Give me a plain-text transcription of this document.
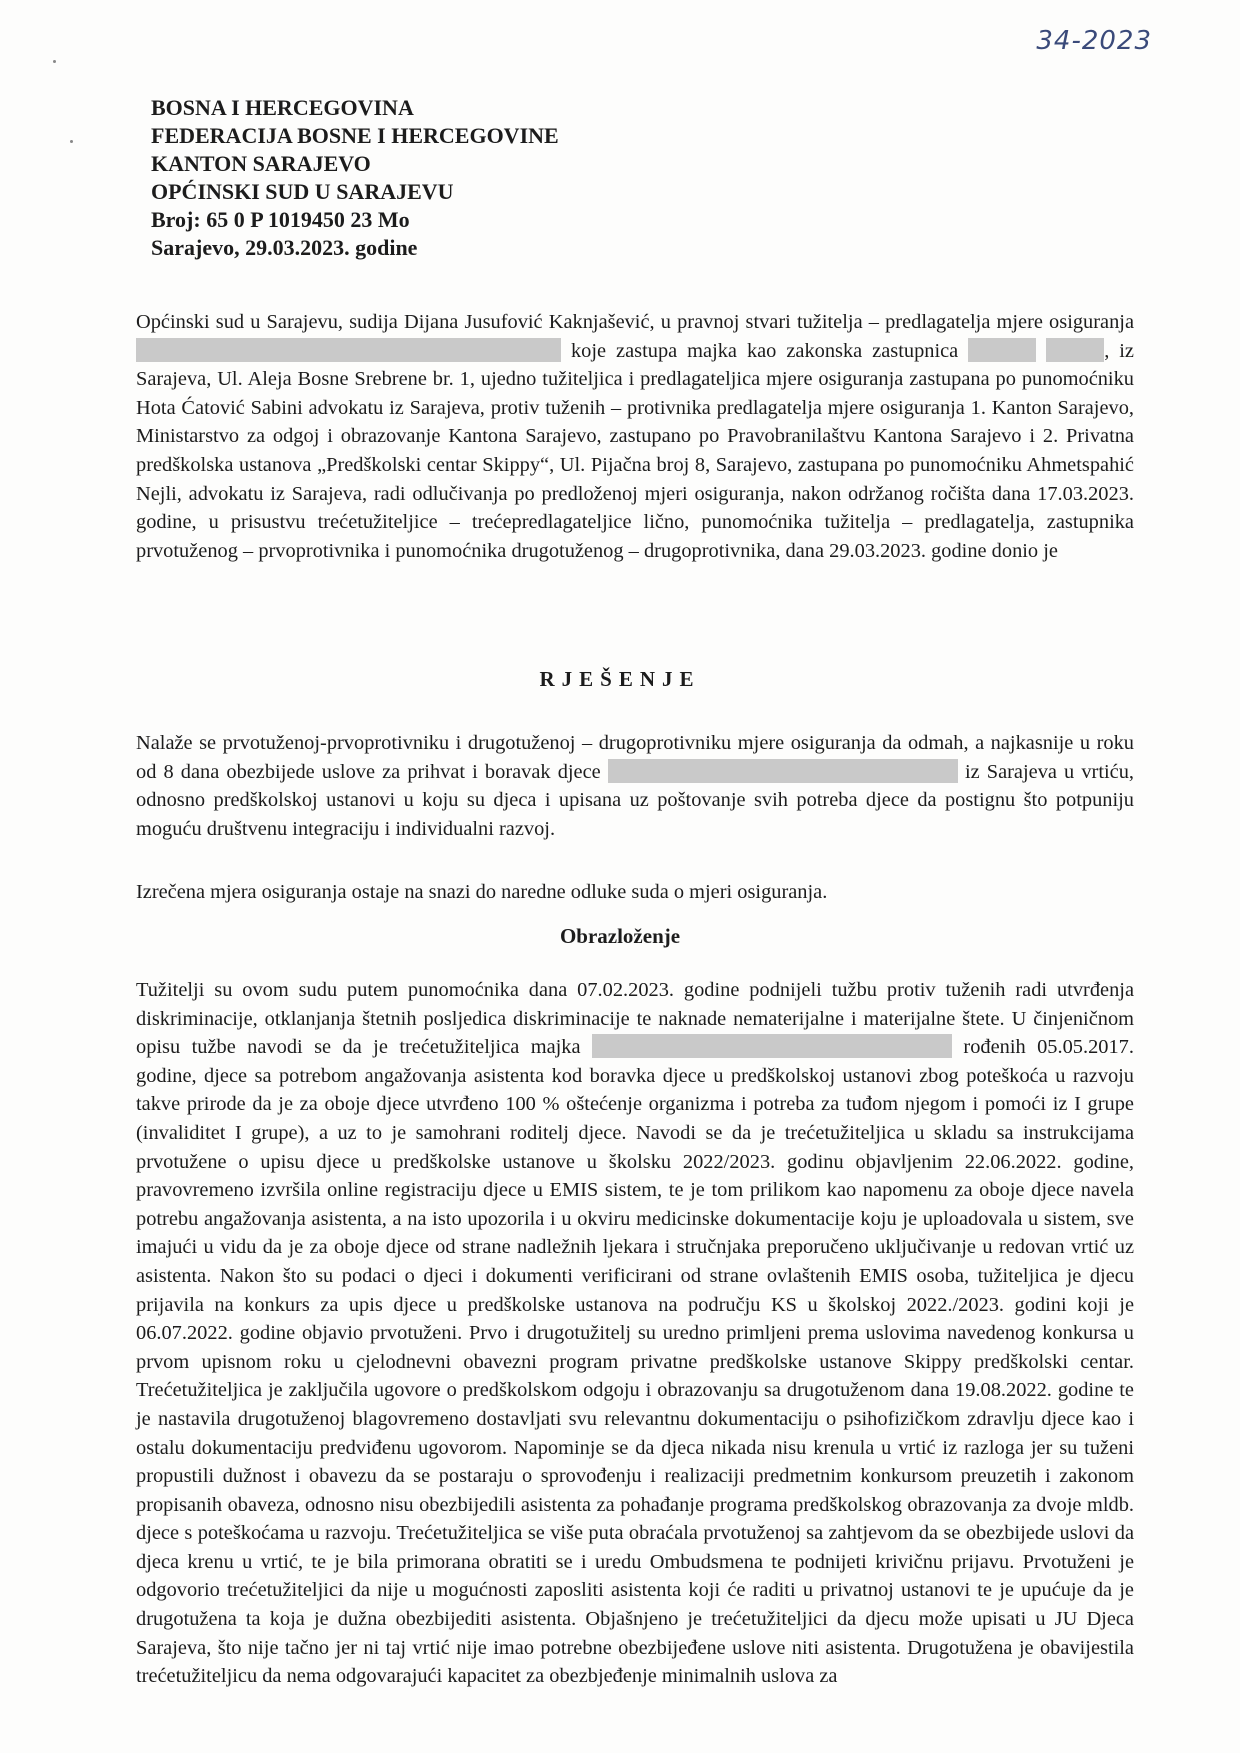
34-2023
BOSNA I HERCEGOVINA
FEDERACIJA BOSNE I HERCEGOVINE
KANTON SARAJEVO
OPĆINSKI SUD U SARAJEVU
Broj: 65 0 P 1019450 23 Mo
Sarajevo, 29.03.2023. godine
Općinski sud u Sarajevu, sudija Dijana Jusufović Kaknjašević, u pravnoj stvari tužitelja – predlagatelja mjere osiguranja  koje zastupa majka kao zakonska zastupnica	, iz Sarajeva, Ul. Aleja Bosne Srebrene br. 1, ujedno tužiteljica i predlagateljica mjere osiguranja zastupana po punomoćniku Hota Ćatović Sabini advokatu iz Sarajeva, protiv tuženih – protivnika predlagatelja mjere osiguranja 1. Kanton Sarajevo, Ministarstvo za odgoj i obrazovanje Kantona Sarajevo, zastupano po Pravobranilaštvu Kantona Sarajevo i 2. Privatna predškolska ustanova „Predškolski centar Skippy“, Ul. Pijačna broj 8, Sarajevo, zastupana po punomoćniku Ahmetspahić Nejli, advokatu iz Sarajeva, radi odlučivanja po predloženoj mjeri osiguranja, nakon održanog ročišta dana 17.03.2023. godine, u prisustvu trećetužiteljice – trećepredlagateljice lično, punomoćnika tužitelja – predlagatelja, zastupnika prvotuženog – prvoprotivnika i punomoćnika drugotuženog – drugoprotivnika, dana 29.03.2023. godine donio je
RJEŠENJE
Nalaže se prvotuženoj-prvoprotivniku i drugotuženoj – drugoprotivniku mjere osiguranja da odmah, a najkasnije u roku od 8 dana obezbijede uslove za prihvat i boravak djece	iz Sarajeva u vrtiću, odnosno predškolskoj ustanovi u koju su djeca i upisana uz poštovanje svih potreba djece da postignu što potpuniju moguću društvenu integraciju i individualni razvoj.
Izrečena mjera osiguranja ostaje na snazi do naredne odluke suda o mjeri osiguranja.
Obrazloženje
Tužitelji su ovom sudu putem punomoćnika dana 07.02.2023. godine podnijeli tužbu protiv tuženih radi utvrđenja diskriminacije, otklanjanja štetnih posljedica diskriminacije te naknade nematerijalne i materijalne štete. U činjeničnom opisu tužbe navodi se da je trećetužiteljica majka	rođenih 05.05.2017. godine, djece sa potrebom angažovanja asistenta kod boravka djece u predškolskoj ustanovi zbog poteškoća u razvoju takve prirode da je za oboje djece utvrđeno 100 % oštećenje organizma i potreba za tuđom njegom i pomoći iz I grupe (invaliditet I grupe), a uz to je samohrani roditelj djece. Navodi se da je trećetužiteljica u skladu sa instrukcijama prvotužene o upisu djece u predškolske ustanove u školsku 2022/2023. godinu objavljenim 22.06.2022. godine, pravovremeno izvršila online registraciju djece u EMIS sistem, te je tom prilikom kao napomenu za oboje djece navela potrebu angažovanja asistenta, a na isto upozorila i u okviru medicinske dokumentacije koju je uploadovala u sistem, sve imajući u vidu da je za oboje djece od strane nadležnih ljekara i stručnjaka preporučeno uključivanje u redovan vrtić uz asistenta. Nakon što su podaci o djeci i dokumenti verificirani od strane ovlaštenih EMIS osoba, tužiteljica je djecu prijavila na konkurs za upis djece u predškolske ustanova na području KS u školskoj 2022./2023. godini koji je 06.07.2022. godine objavio prvotuženi. Prvo i drugotužitelj su uredno primljeni prema uslovima navedenog konkursa u prvom upisnom roku u cjelodnevni obavezni program privatne predškolske ustanove Skippy predškolski centar. Trećetužiteljica je zaključila ugovore o predškolskom odgoju i obrazovanju sa drugotuženom dana 19.08.2022. godine te je nastavila drugotuženoj blagovremeno dostavljati svu relevantnu dokumentaciju o psihofizičkom zdravlju djece kao i ostalu dokumentaciju predviđenu ugovorom. Napominje se da djeca nikada nisu krenula u vrtić iz razloga jer su tuženi propustili dužnost i obavezu da se postaraju o sprovođenju i realizaciji predmetnim konkursom preuzetih i zakonom propisanih obaveza, odnosno nisu obezbijedili asistenta za pohađanje programa predškolskog obrazovanja za dvoje mldb. djece s poteškoćama u razvoju. Trećetužiteljica se više puta obraćala prvotuženoj sa zahtjevom da se obezbijede uslovi da djeca krenu u vrtić, te je bila primorana obratiti se i uredu Ombudsmena te podnijeti krivičnu prijavu. Prvotuženi je odgovorio trećetužiteljici da nije u mogućnosti zaposliti asistenta koji će raditi u privatnoj ustanovi te je upućuje da je drugotužena ta koja je dužna obezbijediti asistenta. Objašnjeno je trećetužiteljici da djecu može upisati u JU Djeca Sarajeva, što nije tačno jer ni taj vrtić nije imao potrebne obezbijeđene uslove niti asistenta. Drugotužena je obavijestila trećetužiteljicu da nema odgovarajući kapacitet za obezbjeđenje minimalnih uslova za
